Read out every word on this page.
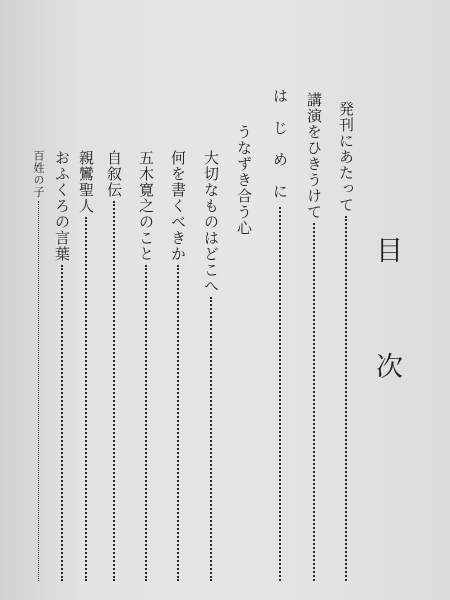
目
次
発刊にあたって
講演をひきうけて
は じ め に
うなずき合う心
大切なものはどこへ
何を書くべきか
五木寛之のこと
自叙伝
親鸞聖人
おふくろの言葉
百姓の子
